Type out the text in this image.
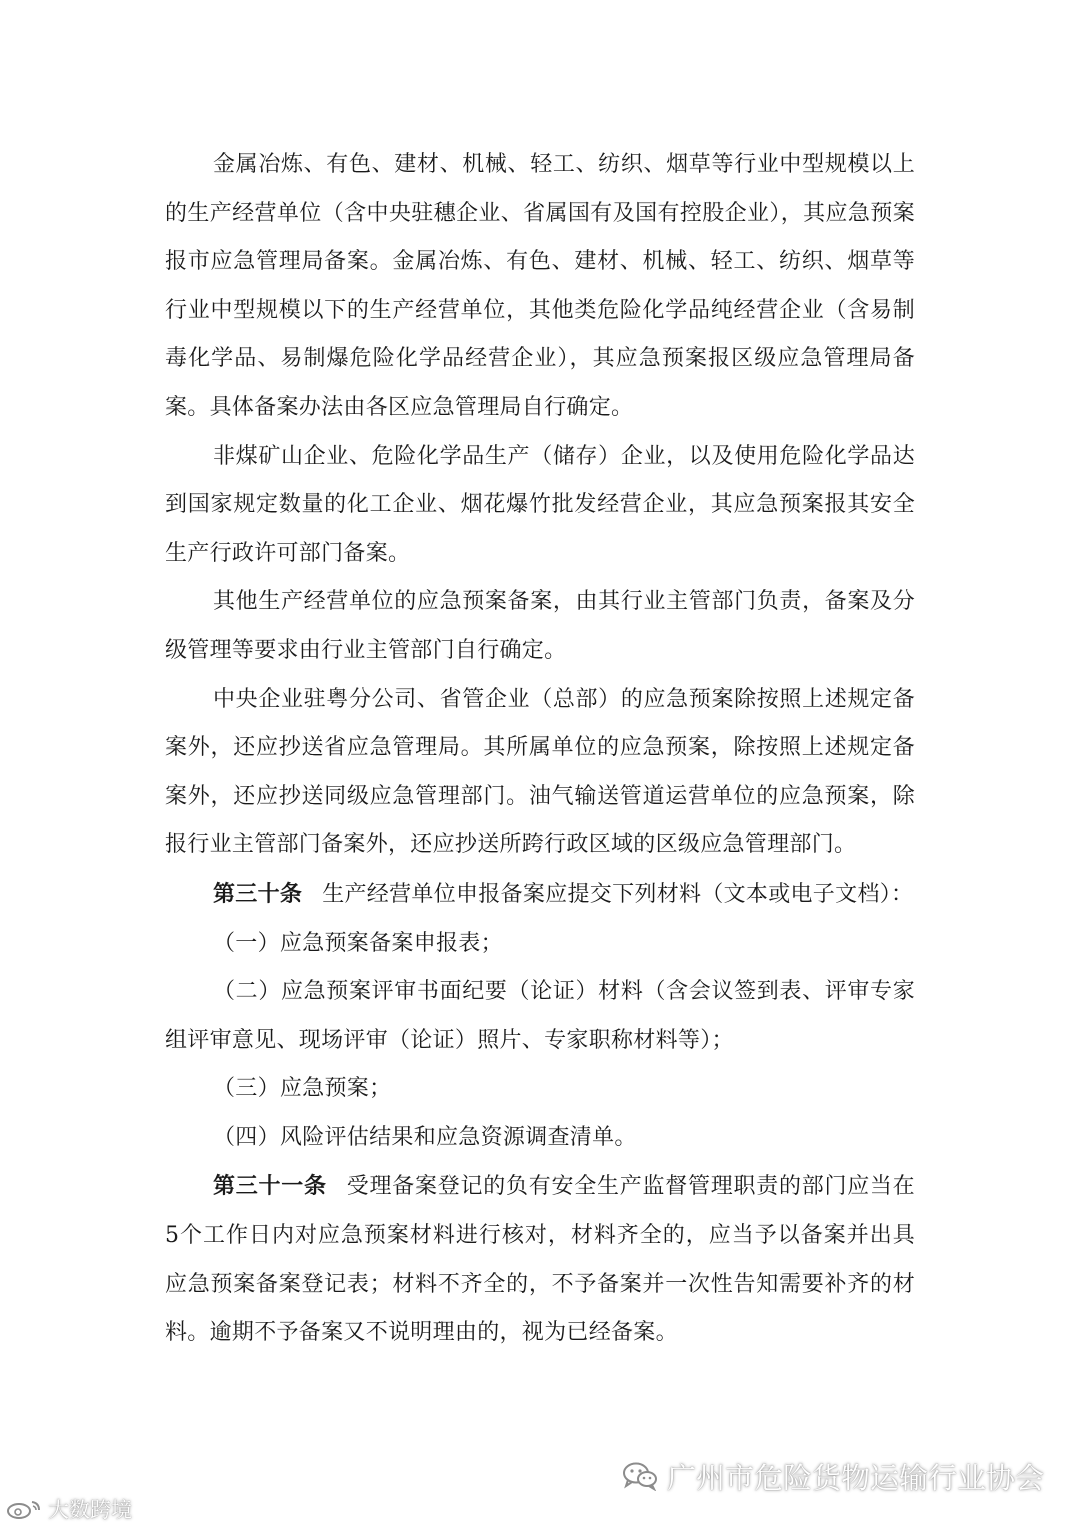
金属冶炼、有色、建材、机械、轻工、纺织、烟草等行业中型规模以上的生产经营单位（含中央驻穗企业、省属国有及国有控股企业），其应急预案报市应急管理局备案。金属冶炼、有色、建材、机械、轻工、纺织、烟草等行业中型规模以下的生产经营单位，其他类危险化学品纯经营企业（含易制毒化学品、易制爆危险化学品经营企业），其应急预案报区级应急管理局备案。具体备案办法由各区应急管理局自行确定。

非煤矿山企业、危险化学品生产（储存）企业，以及使用危险化学品达到国家规定数量的化工企业、烟花爆竹批发经营企业，其应急预案报其安全生产行政许可部门备案。

其他生产经营单位的应急预案备案，由其行业主管部门负责，备案及分级管理等要求由行业主管部门自行确定。

中央企业驻粤分公司、省管企业（总部）的应急预案除按照上述规定备案外，还应抄送省应急管理局。其所属单位的应急预案，除按照上述规定备案外，还应抄送同级应急管理部门。油气输送管道运营单位的应急预案，除报行业主管部门备案外，还应抄送所跨行政区域的区级应急管理部门。

第三十条 生产经营单位申报备案应提交下列材料（文本或电子文档）：

（一）应急预案备案申报表；

（二）应急预案评审书面纪要（论证）材料（含会议签到表、评审专家组评审意见、现场评审（论证）照片、专家职称材料等）；

（三）应急预案；

（四）风险评估结果和应急资源调查清单。

第三十一条 受理备案登记的负有安全生产监督管理职责的部门应当在5个工作日内对应急预案材料进行核对，材料齐全的，应当予以备案并出具应急预案备案登记表；材料不齐全的，不予备案并一次性告知需要补齐的材料。逾期不予备案又不说明理由的，视为已经备案。

广州市危险货物运输行业协会
大数跨境
